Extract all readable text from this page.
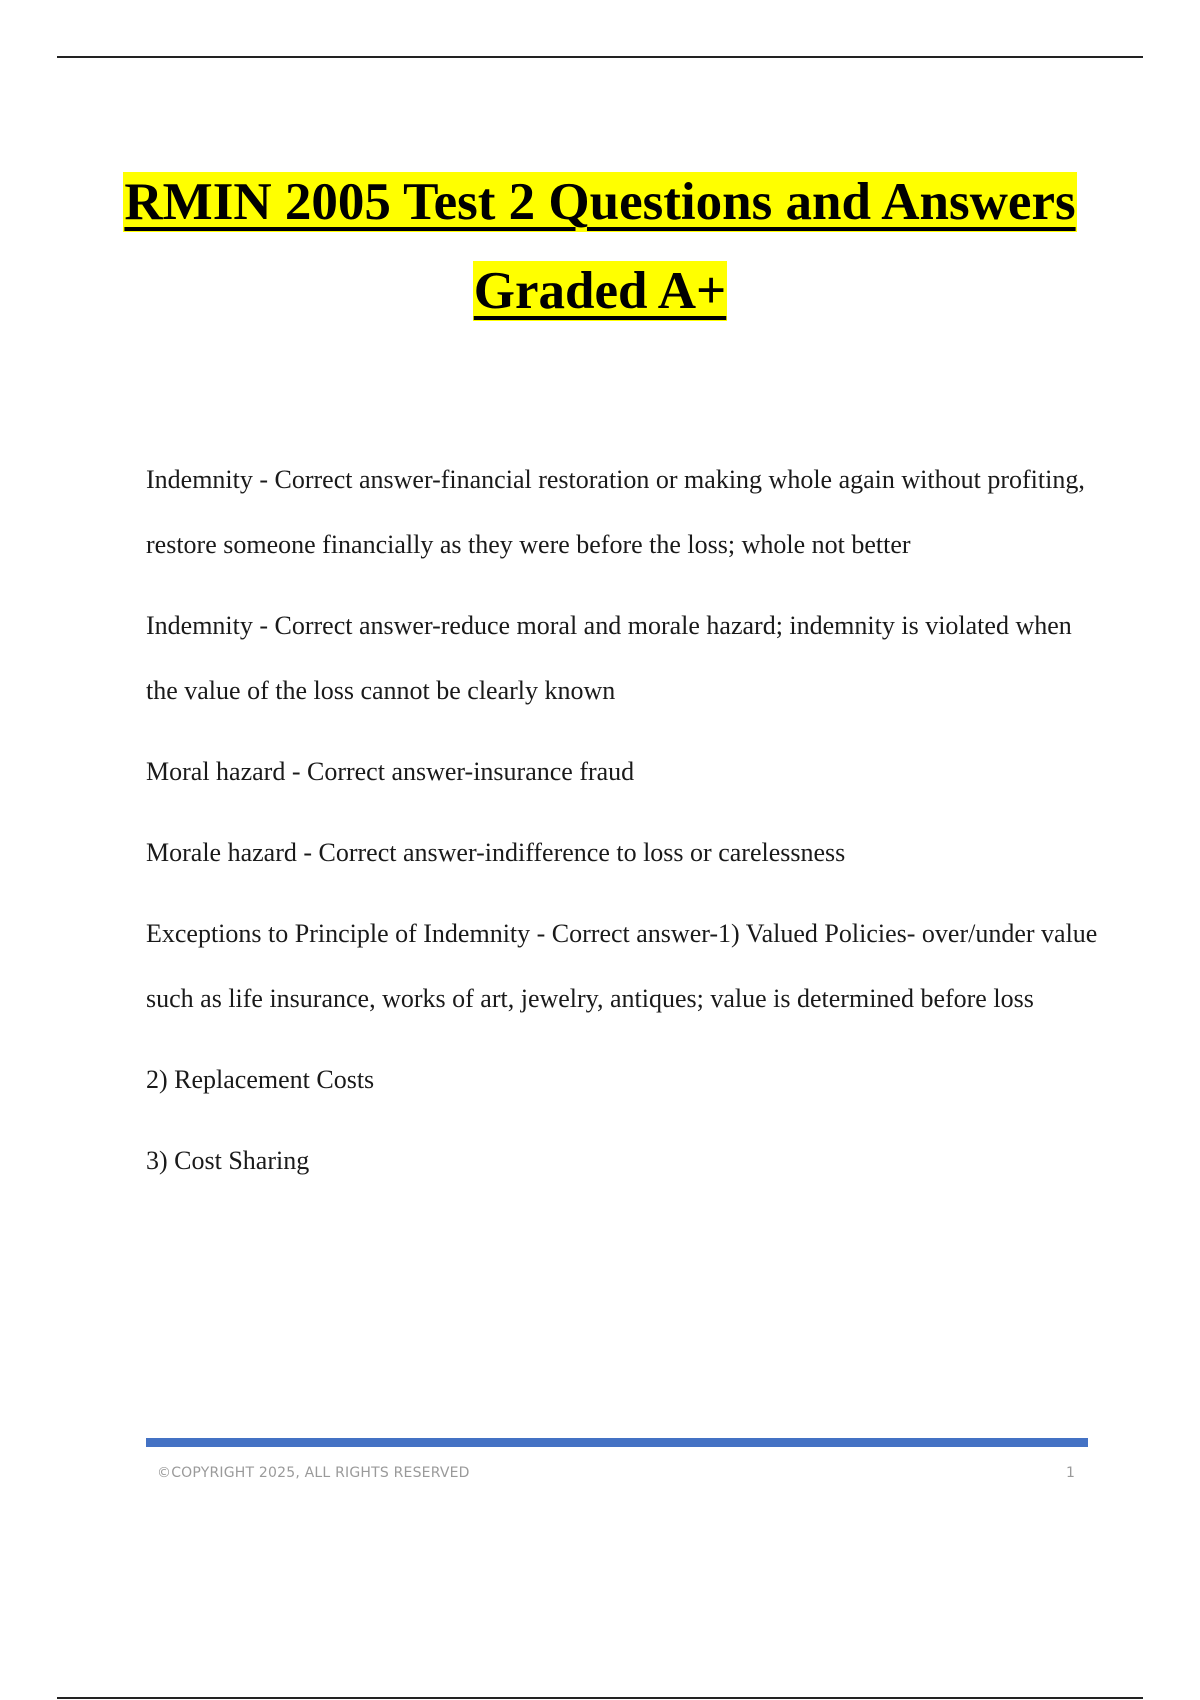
RMIN 2005 Test 2 Questions and Answers
Graded A+

Indemnity - Correct answer-financial restoration or making whole again without profiting, restore someone financially as they were before the loss; whole not better

Indemnity - Correct answer-reduce moral and morale hazard; indemnity is violated when the value of the loss cannot be clearly known

Moral hazard - Correct answer-insurance fraud

Morale hazard - Correct answer-indifference to loss or carelessness

Exceptions to Principle of Indemnity - Correct answer-1) Valued Policies- over/under value such as life insurance, works of art, jewelry, antiques; value is determined before loss

2) Replacement Costs

3) Cost Sharing

©COPYRIGHT 2025, ALL RIGHTS RESERVED	1
